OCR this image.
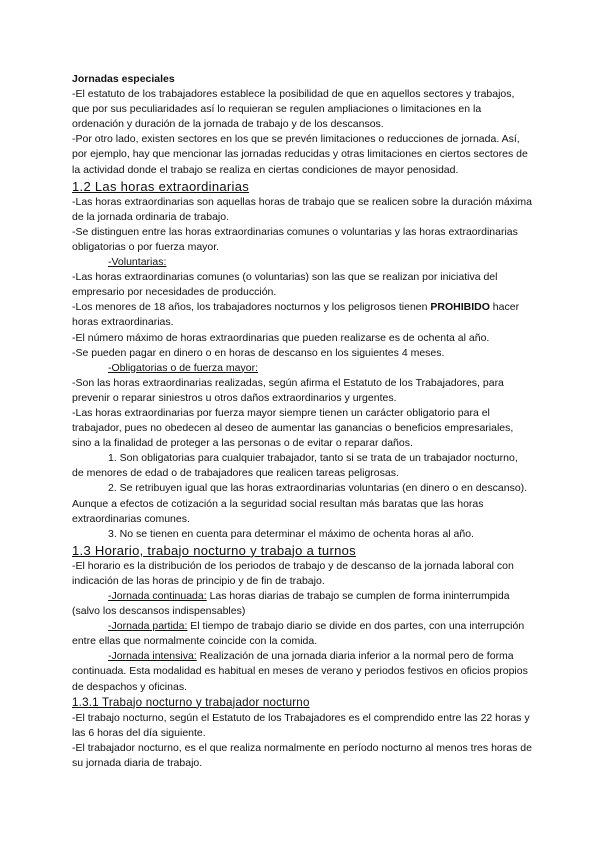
Jornadas especiales

-El estatuto de los trabajadores establece la posibilidad de que en aquellos sectores y trabajos, que por sus peculiaridades así lo requieran se regulen ampliaciones o limitaciones en la ordenación y duración de la jornada de trabajo y de los descansos.

-Por otro lado, existen sectores en los que se prevén limitaciones o reducciones de jornada. Así, por ejemplo, hay que mencionar las jornadas reducidas y otras limitaciones en ciertos sectores de la actividad donde el trabajo se realiza en ciertas condiciones de mayor penosidad.

1.2 Las horas extraordinarias

-Las horas extraordinarias son aquellas horas de trabajo que se realicen sobre la duración máxima de la jornada ordinaria de trabajo.

-Se distinguen entre las horas extraordinarias comunes o voluntarias y las horas extraordinarias obligatorias o por fuerza mayor.

-Voluntarias:

-Las horas extraordinarias comunes (o voluntarias) son las que se realizan por iniciativa del empresario por necesidades de producción.

-Los menores de 18 años, los trabajadores nocturnos y los peligrosos tienen PROHIBIDO hacer horas extraordinarias.

-El número máximo de horas extraordinarias que pueden realizarse es de ochenta al año.

-Se pueden pagar en dinero o en horas de descanso en los siguientes 4 meses.

-Obligatorias o de fuerza mayor:

-Son las horas extraordinarias realizadas, según afirma el Estatuto de los Trabajadores, para prevenir o reparar siniestros u otros daños extraordinarios y urgentes.

-Las horas extraordinarias por fuerza mayor siempre tienen un carácter obligatorio para el trabajador, pues no obedecen al deseo de aumentar las ganancias o beneficios empresariales, sino a la finalidad de proteger a las personas o de evitar o reparar daños.

1. Son obligatorias para cualquier trabajador, tanto si se trata de un trabajador nocturno, de menores de edad o de trabajadores que realicen tareas peligrosas.

2. Se retribuyen igual que las horas extraordinarias voluntarias (en dinero o en descanso). Aunque a efectos de cotización a la seguridad social resultan más baratas que las horas extraordinarias comunes.

3. No se tienen en cuenta para determinar el máximo de ochenta horas al año.

1.3 Horario, trabajo nocturno y trabajo a turnos

-El horario es la distribución de los periodos de trabajo y de descanso de la jornada laboral con indicación de las horas de principio y de fin de trabajo.

-Jornada continuada: Las horas diarias de trabajo se cumplen de forma ininterrumpida (salvo los descansos indispensables)

-Jornada partida: El tiempo de trabajo diario se divide en dos partes, con una interrupción entre ellas que normalmente coincide con la comida.

-Jornada intensiva: Realización de una jornada diaria inferior a la normal pero de forma continuada. Esta modalidad es habitual en meses de verano y periodos festivos en oficios propios de despachos y oficinas.

1.3.1 Trabajo nocturno y trabajador nocturno

-El trabajo nocturno, según el Estatuto de los Trabajadores es el comprendido entre las 22 horas y las 6 horas del día siguiente.

-El trabajador nocturno, es el que realiza normalmente en período nocturno al menos tres horas de su jornada diaria de trabajo.
